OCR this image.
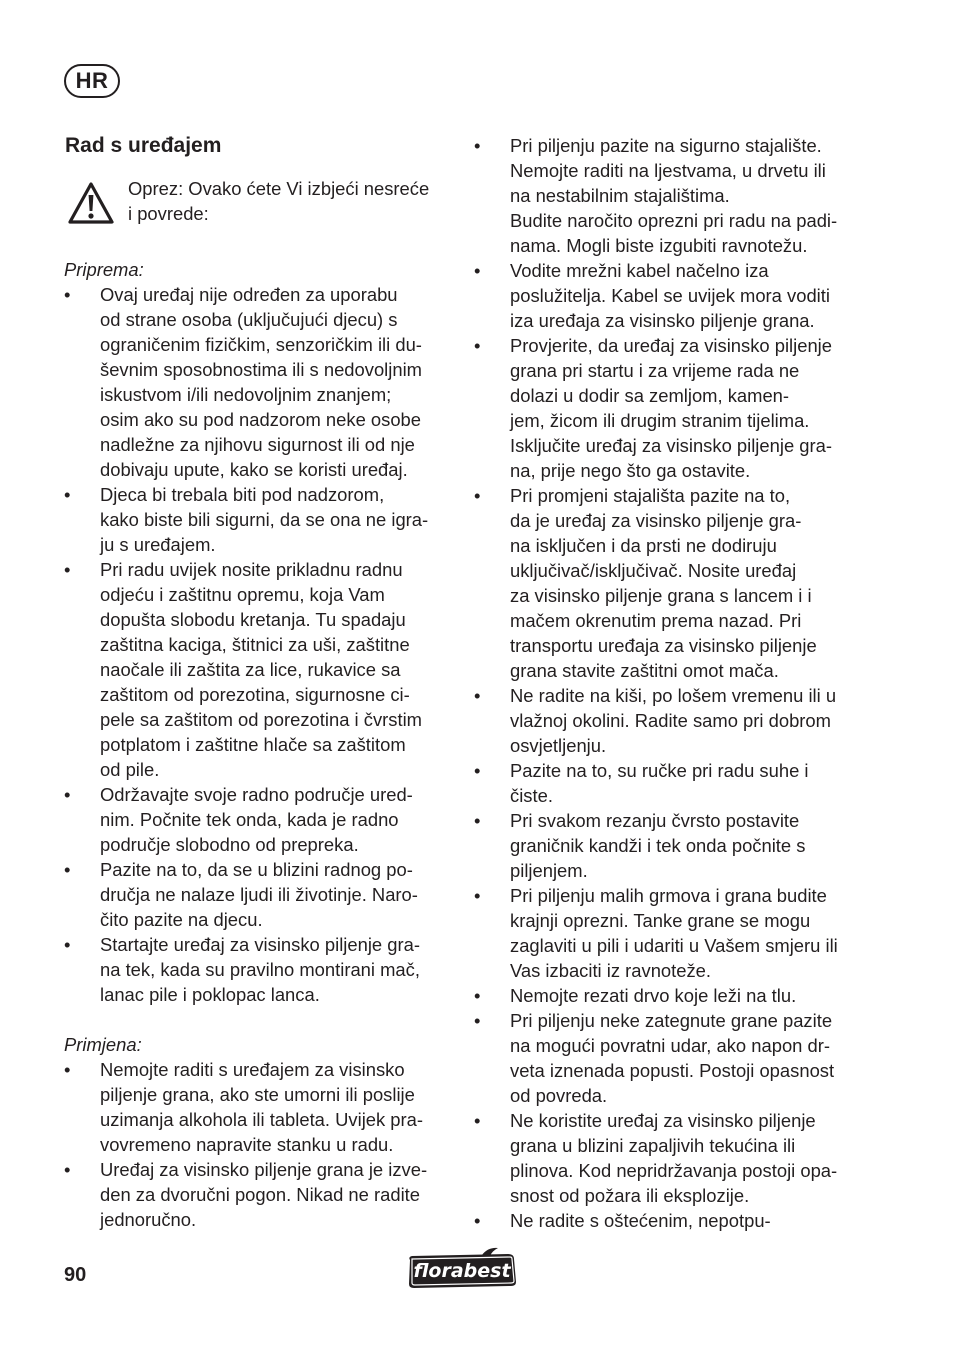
HR
Rad s uređajem

Oprez: Ovako ćete Vi izbjeći nesreće
i povrede:

Priprema:

• Ovaj uređaj nije određen za uporabu
od strane osoba (uključujući djecu) s
ograničenim fizičkim, senzoričkim ili du-
ševnim sposobnostima ili s nedovoljnim
iskustvom i/ili nedovoljnim znanjem;
osim ako su pod nadzorom neke osobe
nadležne za njihovu sigurnost ili od nje
dobivaju upute, kako se koristi uređaj.
• Djeca bi trebala biti pod nadzorom,
kako biste bili sigurni, da se ona ne igra-
ju s uređajem.
• Pri radu uvijek nosite prikladnu radnu
odjeću i zaštitnu opremu, koja Vam
dopušta slobodu kretanja. Tu spadaju
zaštitna kaciga, štitnici za uši, zaštitne
naočale ili zaštita za lice, rukavice sa
zaštitom od porezotina, sigurnosne ci-
pele sa zaštitom od porezotina i čvrstim
potplatom i zaštitne hlače sa zaštitom
od pile.
• Održavajte svoje radno područje ured-
nim. Počnite tek onda, kada je radno
područje slobodno od prepreka.
• Pazite na to, da se u blizini radnog po-
dručja ne nalaze ljudi ili životinje. Naro-
čito pazite na djecu.
• Startajte uređaj za visinsko piljenje gra-
na tek, kada su pravilno montirani mač,
lanac pile i poklopac lanca.

Primjena:

• Nemojte raditi s uređajem za visinsko
piljenje grana, ako ste umorni ili poslije
uzimanja alkohola ili tableta. Uvijek pra-
vovremeno napravite stanku u radu.
• Uređaj za visinsko piljenje grana je izve-
den za dvoručni pogon. Nikad ne radite
jednoručno.
• Pri piljenju pazite na sigurno stajalište.
Nemojte raditi na ljestvama, u drvetu ili
na nestabilnim stajalištima.
Budite naročito oprezni pri radu na padi-
nama. Mogli biste izgubiti ravnotežu.
• Vodite mrežni kabel načelno iza
poslužitelja. Kabel se uvijek mora voditi
iza uređaja za visinsko piljenje grana.
• Provjerite, da uređaj za visinsko piljenje
grana pri startu i za vrijeme rada ne
dolazi u dodir sa zemljom, kamen-
jem, žicom ili drugim stranim tijelima.
Isključite uređaj za visinsko piljenje gra-
na, prije nego što ga ostavite.
• Pri promjeni stajališta pazite na to,
da je uređaj za visinsko piljenje gra-
na isključen i da prsti ne dodiruju
uključivač/isključivač. Nosite uređaj
za visinsko piljenje grana s lancem i i
mačem okrenutim prema nazad. Pri
transportu uređaja za visinsko piljenje
grana stavite zaštitni omot mača.
• Ne radite na kiši, po lošem vremenu ili u
vlažnoj okolini. Radite samo pri dobrom
osvjetljenju.
• Pazite na to, su ručke pri radu suhe i
čiste.
• Pri svakom rezanju čvrsto postavite
graničnik kandži i tek onda počnite s
piljenjem.
• Pri piljenju malih grmova i grana budite
krajnji oprezni. Tanke grane se mogu
zaglaviti u pili i udariti u Vašem smjeru ili
Vas izbaciti iz ravnoteže.
• Nemojte rezati drvo koje leži na tlu.
• Pri piljenju neke zategnute grane pazite
na mogući povratni udar, ako napon dr-
veta iznenada popusti. Postoji opasnost
od povreda.
• Ne koristite uređaj za visinsko piljenje
grana u blizini zapaljivih tekućina ili
plinova. Kod nepridržavanja postoji opa-
snost od požara ili eksplozije.
• Ne radite s oštećenim, nepotpu-
90	florabest
